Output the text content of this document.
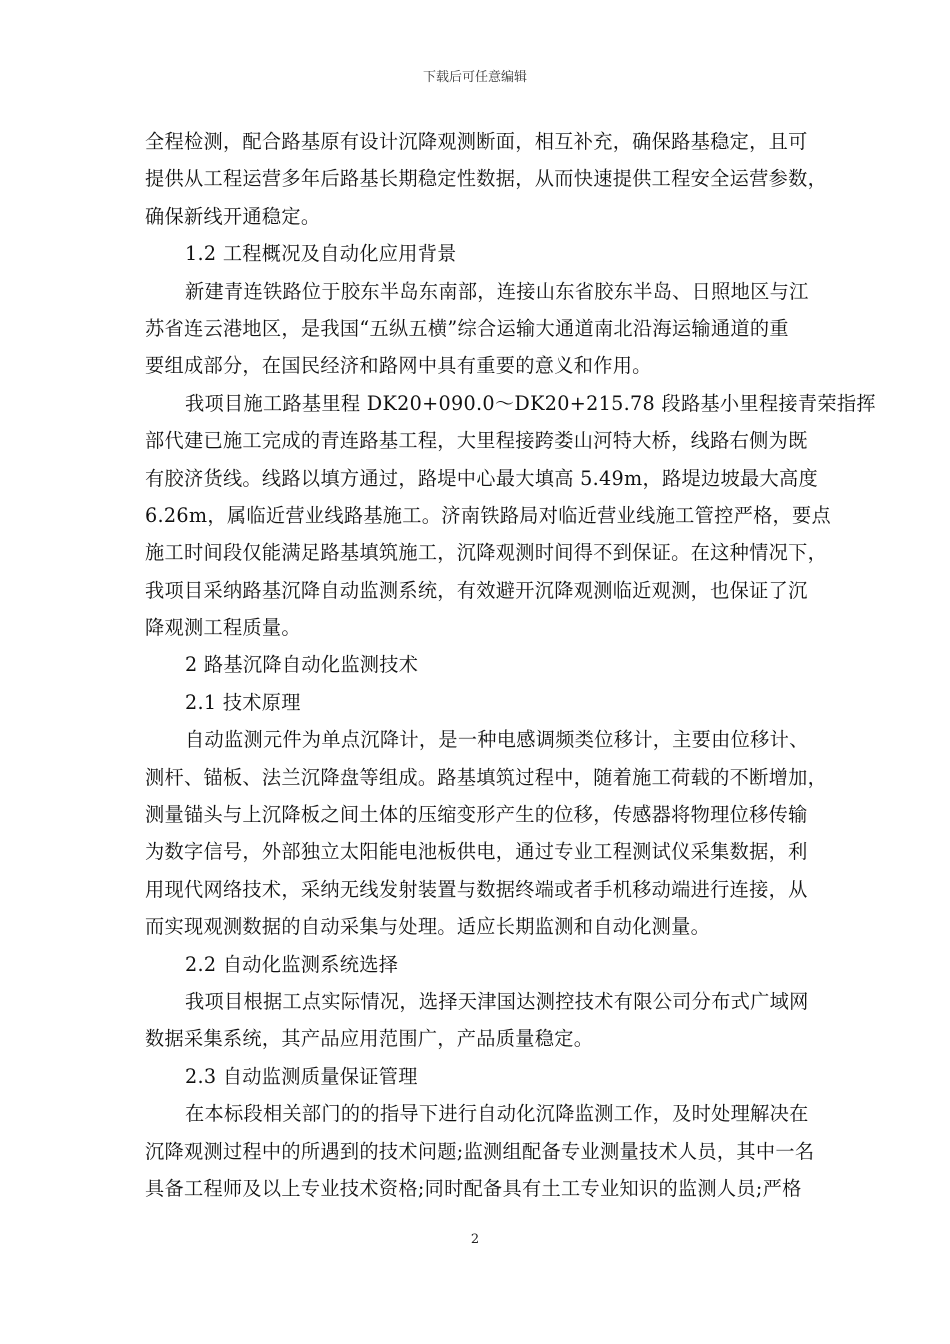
下载后可任意编辑
全程检测，配合路基原有设计沉降观测断面，相互补充，确保路基稳定，且可
提供从工程运营多年后路基长期稳定性数据，从而快速提供工程安全运营参数，
确保新线开通稳定。
1.2 工程概况及自动化应用背景
新建青连铁路位于胶东半岛东南部，连接山东省胶东半岛、日照地区与江
苏省连云港地区，是我国“五纵五横”综合运输大通道南北沿海运输通道的重
要组成部分，在国民经济和路网中具有重要的意义和作用。
我项目施工路基里程 DK20+090.0～DK20+215.78 段路基小里程接青荣指挥
部代建已施工完成的青连路基工程，大里程接跨娄山河特大桥，线路右侧为既
有胶济货线。线路以填方通过，路堤中心最大填高 5.49m，路堤边坡最大高度
6.26m，属临近营业线路基施工。济南铁路局对临近营业线施工管控严格，要点
施工时间段仅能满足路基填筑施工，沉降观测时间得不到保证。在这种情况下，
我项目采纳路基沉降自动监测系统，有效避开沉降观测临近观测，也保证了沉
降观测工程质量。
2 路基沉降自动化监测技术
2.1 技术原理
自动监测元件为单点沉降计，是一种电感调频类位移计，主要由位移计、
测杆、锚板、法兰沉降盘等组成。路基填筑过程中，随着施工荷载的不断增加，
测量锚头与上沉降板之间土体的压缩变形产生的位移，传感器将物理位移传输
为数字信号，外部独立太阳能电池板供电，通过专业工程测试仪采集数据，利
用现代网络技术，采纳无线发射装置与数据终端或者手机移动端进行连接，从
而实现观测数据的自动采集与处理。适应长期监测和自动化测量。
2.2 自动化监测系统选择
我项目根据工点实际情况，选择天津国达测控技术有限公司分布式广域网
数据采集系统，其产品应用范围广，产品质量稳定。
2.3 自动监测质量保证管理
在本标段相关部门的的指导下进行自动化沉降监测工作，及时处理解决在
沉降观测过程中的所遇到的技术问题;监测组配备专业测量技术人员，其中一名
具备工程师及以上专业技术资格;同时配备具有土工专业知识的监测人员;严格
2
